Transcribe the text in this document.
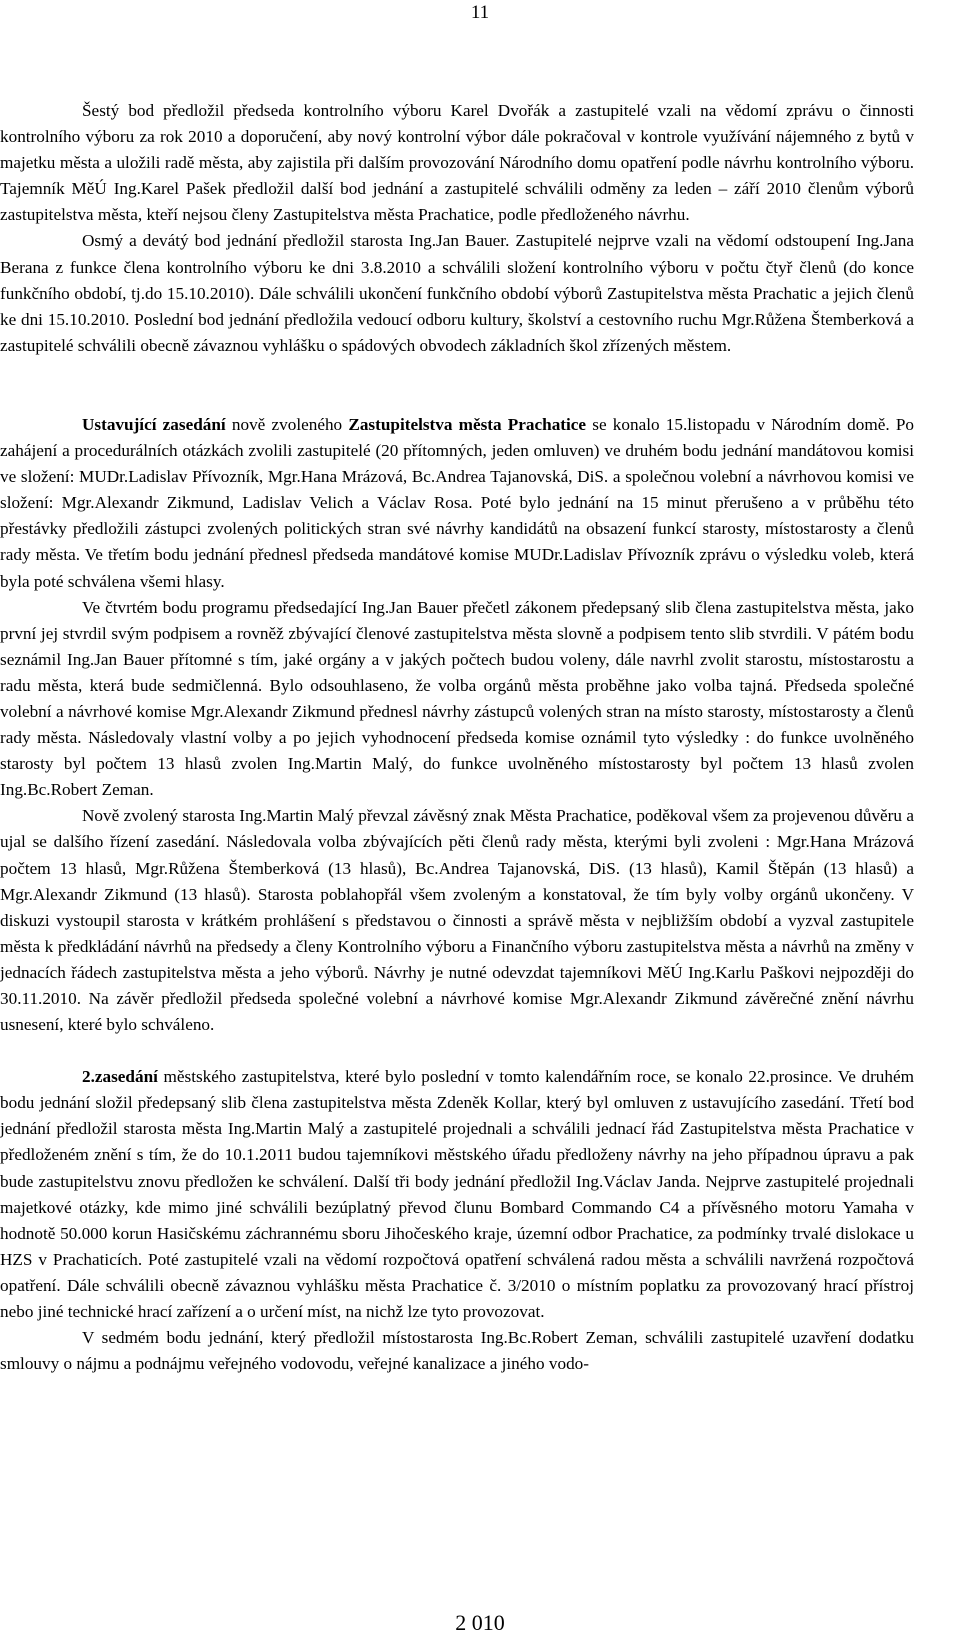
11

Šestý bod předložil předseda kontrolního výboru Karel Dvořák a zastupitelé vzali na vědomí zprávu o činnosti kontrolního výboru za rok 2010 a doporučení, aby nový kontrolní výbor dále pokračoval v kontrole využívání nájemného z bytů v majetku města a uložili radě města, aby zajistila při dalším provozování Národního domu opatření podle návrhu kontrolního výboru. Tajemník MěÚ Ing.Karel Pašek předložil další bod jednání a zastupitelé schválili odměny za leden – září 2010 členům výborů zastupitelstva města, kteří nejsou členy Zastupitelstva města Prachatice, podle předloženého návrhu.

Osmý a devátý bod jednání předložil starosta Ing.Jan Bauer. Zastupitelé nejprve vzali na vědomí odstoupení Ing.Jana Berana z funkce člena kontrolního výboru ke dni 3.8.2010 a schválili složení kontrolního výboru v počtu čtyř členů (do konce funkčního období, tj.do 15.10.2010). Dále schválili ukončení funkčního období výborů Zastupitelstva města Prachatic a jejich členů ke dni 15.10.2010. Poslední bod jednání předložila vedoucí odboru kultury, školství a cestovního ruchu Mgr.Růžena Štemberková a zastupitelé schválili obecně závaznou vyhlášku o spádových obvodech základních škol zřízených městem.

Ustavující zasedání nově zvoleného Zastupitelstva města Prachatice se konalo 15.listopadu v Národním domě. Po zahájení a procedurálních otázkách zvolili zastupitelé (20 přítomných, jeden omluven) ve druhém bodu jednání mandátovou komisi ve složení: MUDr.Ladislav Přívozník, Mgr.Hana Mrázová, Bc.Andrea Tajanovská, DiS. a společnou volební a návrhovou komisi ve složení: Mgr.Alexandr Zikmund, Ladislav Velich a Václav Rosa. Poté bylo jednání na 15 minut přerušeno a v průběhu této přestávky předložili zástupci zvolených politických stran své návrhy kandidátů na obsazení funkcí starosty, místostarosty a členů rady města. Ve třetím bodu jednání přednesl předseda mandátové komise MUDr.Ladislav Přívozník zprávu o výsledku voleb, která byla poté schválena všemi hlasy.

Ve čtvrtém bodu programu předsedající Ing.Jan Bauer přečetl zákonem předepsaný slib člena zastupitelstva města, jako první jej stvrdil svým podpisem a rovněž zbývající členové zastupitelstva města slovně a podpisem tento slib stvrdili. V pátém bodu seznámil Ing.Jan Bauer přítomné s tím, jaké orgány a v jakých počtech budou voleny, dále navrhl zvolit starostu, místostarostu a radu města, která bude sedmičlenná. Bylo odsouhlaseno, že volba orgánů města proběhne jako volba tajná. Předseda společné volební a návrhové komise Mgr.Alexandr Zikmund přednesl návrhy zástupců volených stran na místo starosty, místostarosty a členů rady města. Následovaly vlastní volby a po jejich vyhodnocení předseda komise oznámil tyto výsledky : do funkce uvolněného starosty byl počtem 13 hlasů zvolen Ing.Martin Malý, do funkce uvolněného místostarosty byl počtem 13 hlasů zvolen Ing.Bc.Robert Zeman.

Nově zvolený starosta Ing.Martin Malý převzal závěsný znak Města Prachatice, poděkoval všem za projevenou důvěru a ujal se dalšího řízení zasedání. Následovala volba zbývajících pěti členů rady města, kterými byli zvoleni : Mgr.Hana Mrázová počtem 13 hlasů, Mgr.Růžena Štemberková (13 hlasů), Bc.Andrea Tajanovská, DiS. (13 hlasů), Kamil Štěpán (13 hlasů) a Mgr.Alexandr Zikmund (13 hlasů). Starosta poblahopřál všem zvoleným a konstatoval, že tím byly volby orgánů ukončeny. V diskuzi vystoupil starosta v krátkém prohlášení s představou o činnosti a správě města v nejbližším období a vyzval zastupitele města k předkládání návrhů na předsedy a členy Kontrolního výboru a Finančního výboru zastupitelstva města a návrhů na změny v jednacích řádech zastupitelstva města a jeho výborů. Návrhy je nutné odevzdat tajemníkovi MěÚ Ing.Karlu Paškovi nejpozději do 30.11.2010. Na závěr předložil předseda společné volební a návrhové komise Mgr.Alexandr Zikmund závěrečné znění návrhu usnesení, které bylo schváleno.

2.zasedání městského zastupitelstva, které bylo poslední v tomto kalendářním roce, se konalo 22.prosince. Ve druhém bodu jednání složil předepsaný slib člena zastupitelstva města Zdeněk Kollar, který byl omluven z ustavujícího zasedání. Třetí bod jednání předložil starosta města Ing.Martin Malý a zastupitelé projednali a schválili jednací řád Zastupitelstva města Prachatice v předloženém znění s tím, že do 10.1.2011 budou tajemníkovi městského úřadu předloženy návrhy na jeho případnou úpravu a pak bude zastupitelstvu znovu předložen ke schválení. Další tři body jednání předložil Ing.Václav Janda. Nejprve zastupitelé projednali majetkové otázky, kde mimo jiné schválili bezúplatný převod člunu Bombard Commando C4 a přívěsného motoru Yamaha v hodnotě 50.000 korun Hasičskému záchrannému sboru Jihočeského kraje, územní odbor Prachatice, za podmínky trvalé dislokace u HZS v Prachaticích. Poté zastupitelé vzali na vědomí rozpočtová opatření schválená radou města a schválili navržená rozpočtová opatření. Dále schválili obecně závaznou vyhlášku města Prachatice č. 3/2010 o místním poplatku za provozovaný hrací přístroj nebo jiné technické hrací zařízení a o určení míst, na nichž lze tyto provozovat.

V sedmém bodu jednání, který předložil místostarosta Ing.Bc.Robert Zeman, schválili zastupitelé uzavření dodatku smlouvy o nájmu a podnájmu veřejného vodovodu, veřejné kanalizace a jiného vodo-

2 010
